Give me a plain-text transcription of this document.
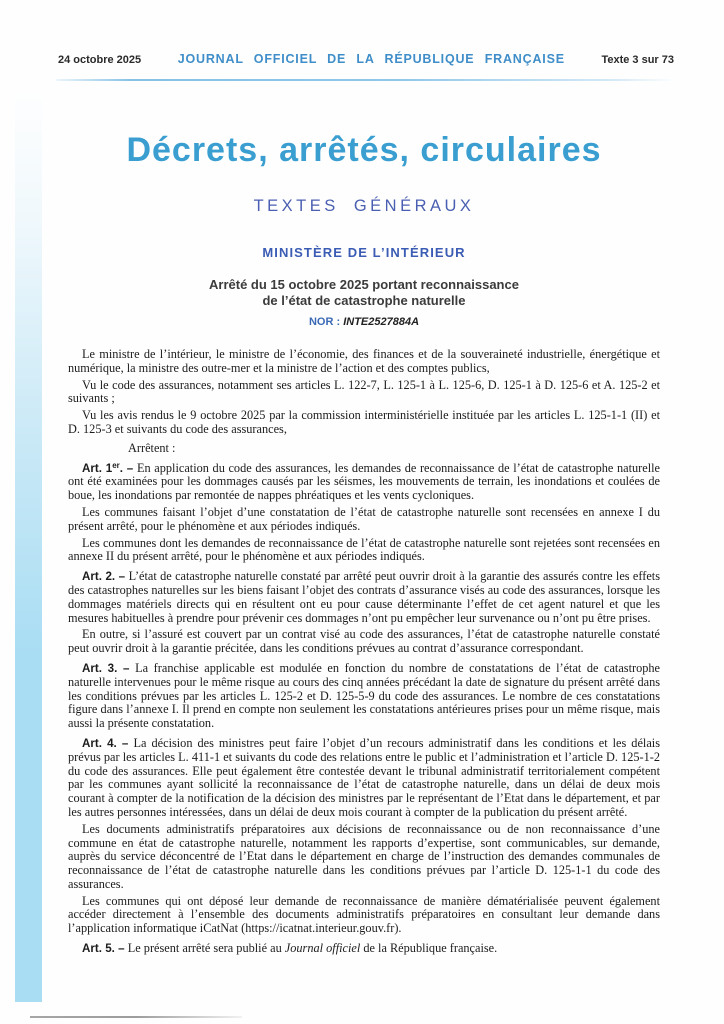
24 octobre 2025	JOURNAL OFFICIEL DE LA RÉPUBLIQUE FRANÇAISE	Texte 3 sur 73
Décrets, arrêtés, circulaires
TEXTES GÉNÉRAUX
MINISTÈRE DE L’INTÉRIEUR
Arrêté du 15 octobre 2025 portant reconnaissance
de l’état de catastrophe naturelle
NOR : INTE2527884A

Le ministre de l’intérieur, le ministre de l’économie, des finances et de la souveraineté industrielle, énergétique et numérique, la ministre des outre-mer et la ministre de l’action et des comptes publics,

Vu le code des assurances, notamment ses articles L. 122-7, L. 125-1 à L. 125-6, D. 125-1 à D. 125-6 et A. 125-2 et suivants ;

Vu les avis rendus le 9 octobre 2025 par la commission interministérielle instituée par les articles L. 125-1-1 (II) et D. 125-3 et suivants du code des assurances,

Arrêtent :

Art. 1er. – En application du code des assurances, les demandes de reconnaissance de l’état de catastrophe naturelle ont été examinées pour les dommages causés par les séismes, les mouvements de terrain, les inondations et coulées de boue, les inondations par remontée de nappes phréatiques et les vents cycloniques.

Les communes faisant l’objet d’une constatation de l’état de catastrophe naturelle sont recensées en annexe I du présent arrêté, pour le phénomène et aux périodes indiqués.

Les communes dont les demandes de reconnaissance de l’état de catastrophe naturelle sont rejetées sont recensées en annexe II du présent arrêté, pour le phénomène et aux périodes indiqués.

Art. 2. – L’état de catastrophe naturelle constaté par arrêté peut ouvrir droit à la garantie des assurés contre les effets des catastrophes naturelles sur les biens faisant l’objet des contrats d’assurance visés au code des assurances, lorsque les dommages matériels directs qui en résultent ont eu pour cause déterminante l’effet de cet agent naturel et que les mesures habituelles à prendre pour prévenir ces dommages n’ont pu empêcher leur survenance ou n’ont pu être prises.

En outre, si l’assuré est couvert par un contrat visé au code des assurances, l’état de catastrophe naturelle constaté peut ouvrir droit à la garantie précitée, dans les conditions prévues au contrat d’assurance correspondant.

Art. 3. – La franchise applicable est modulée en fonction du nombre de constatations de l’état de catastrophe naturelle intervenues pour le même risque au cours des cinq années précédant la date de signature du présent arrêté dans les conditions prévues par les articles L. 125-2 et D. 125-5-9 du code des assurances. Le nombre de ces constatations figure dans l’annexe I. Il prend en compte non seulement les constatations antérieures prises pour un même risque, mais aussi la présente constatation.

Art. 4. – La décision des ministres peut faire l’objet d’un recours administratif dans les conditions et les délais prévus par les articles L. 411-1 et suivants du code des relations entre le public et l’administration et l’article D. 125-1-2 du code des assurances. Elle peut également être contestée devant le tribunal administratif territorialement compétent par les communes ayant sollicité la reconnaissance de l’état de catastrophe naturelle, dans un délai de deux mois courant à compter de la notification de la décision des ministres par le représentant de l’Etat dans le département, et par les autres personnes intéressées, dans un délai de deux mois courant à compter de la publication du présent arrêté.

Les documents administratifs préparatoires aux décisions de reconnaissance ou de non reconnaissance d’une commune en état de catastrophe naturelle, notamment les rapports d’expertise, sont communicables, sur demande, auprès du service déconcentré de l’Etat dans le département en charge de l’instruction des demandes communales de reconnaissance de l’état de catastrophe naturelle dans les conditions prévues par l’article D. 125-1-1 du code des assurances.

Les communes qui ont déposé leur demande de reconnaissance de manière dématérialisée peuvent également accéder directement à l’ensemble des documents administratifs préparatoires en consultant leur demande dans l’application informatique iCatNat (https://icatnat.interieur.gouv.fr).

Art. 5. – Le présent arrêté sera publié au Journal officiel de la République française.
